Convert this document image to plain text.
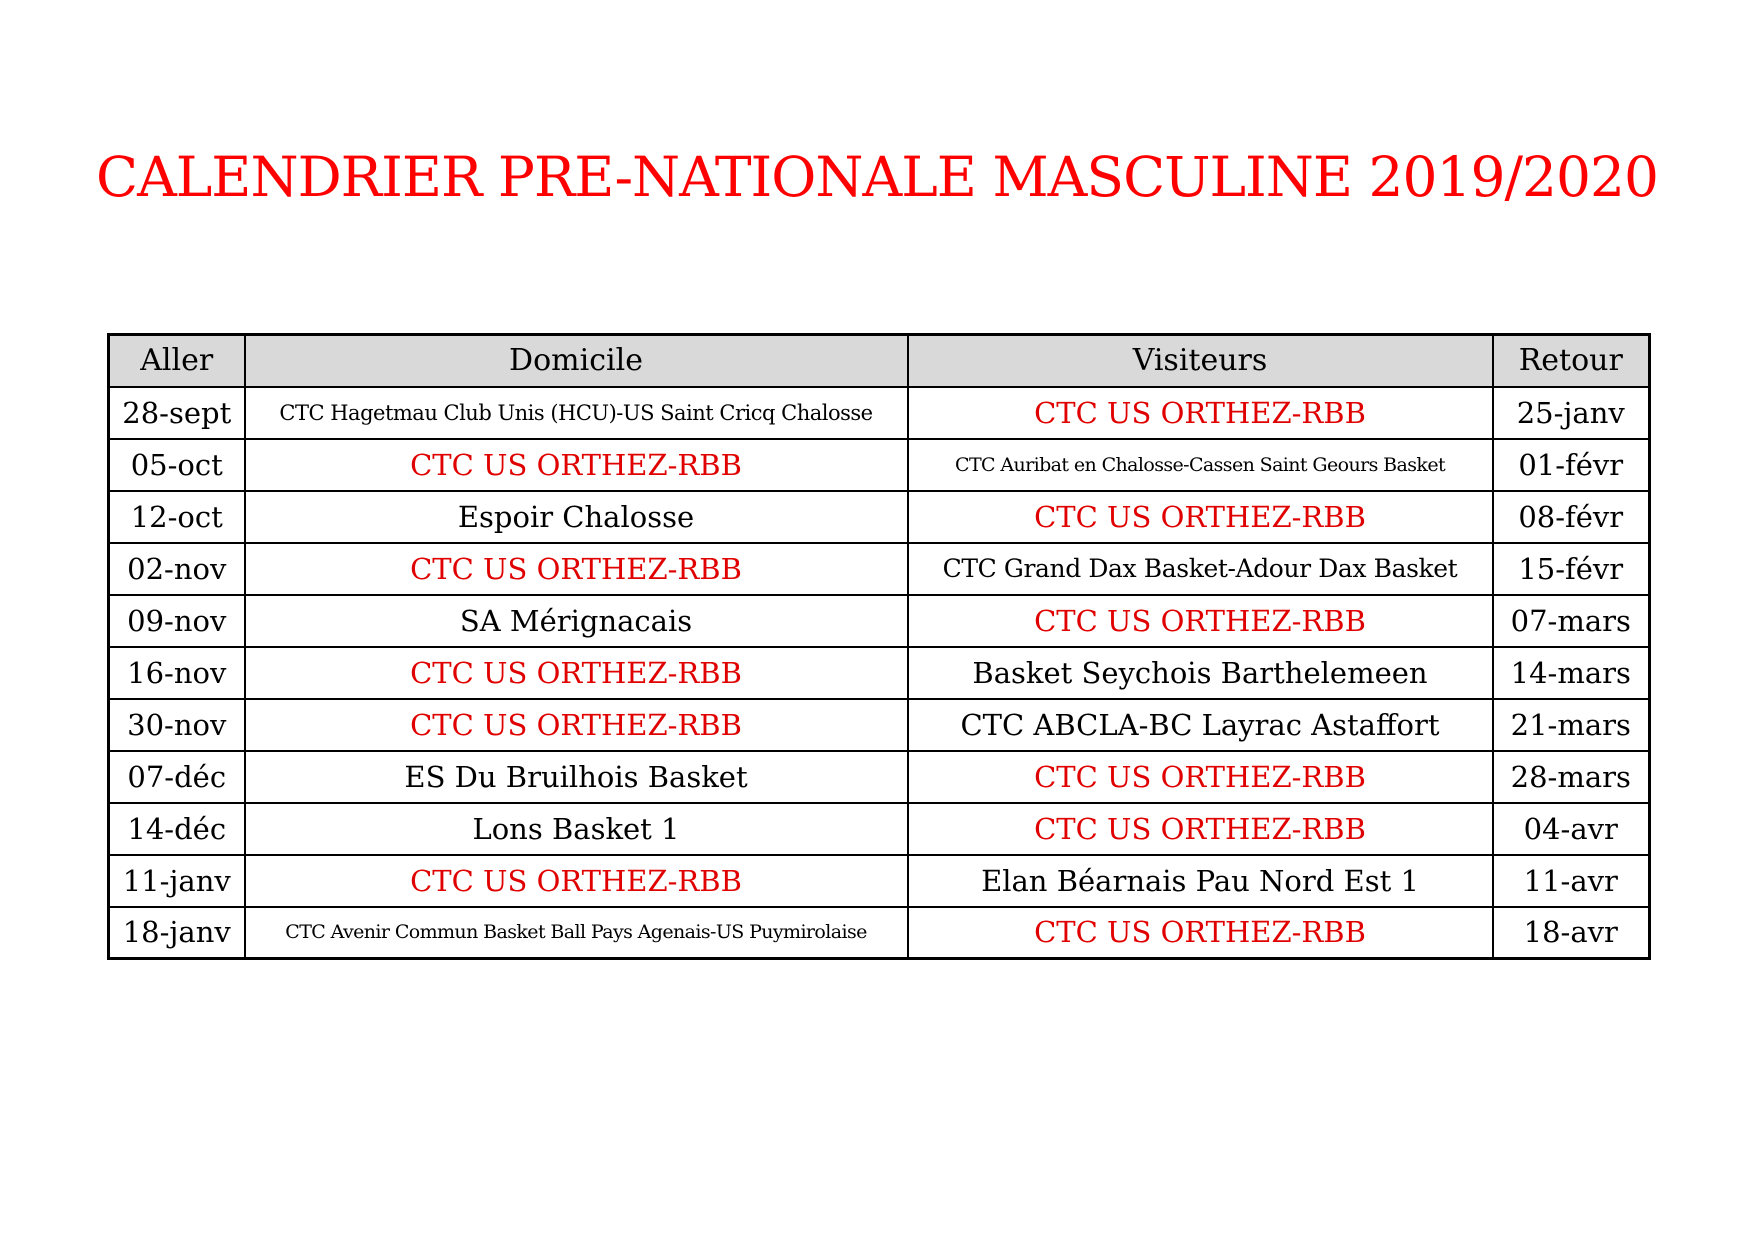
CALENDRIER PRE-NATIONALE MASCULINE 2019/2020
Aller	Domicile	Visiteurs	Retour
28-sept	CTC Hagetmau Club Unis (HCU)-US Saint Cricq Chalosse	CTC US ORTHEZ-RBB	25-janv
05-oct	CTC US ORTHEZ-RBB	CTC Auribat en Chalosse-Cassen Saint Geours Basket	01-févr
12-oct	Espoir Chalosse	CTC US ORTHEZ-RBB	08-févr
02-nov	CTC US ORTHEZ-RBB	CTC Grand Dax Basket-Adour Dax Basket	15-févr
09-nov	SA Mérignacais	CTC US ORTHEZ-RBB	07-mars
16-nov	CTC US ORTHEZ-RBB	Basket Seychois Barthelemeen	14-mars
30-nov	CTC US ORTHEZ-RBB	CTC ABCLA-BC Layrac Astaffort	21-mars
07-déc	ES Du Bruilhois Basket	CTC US ORTHEZ-RBB	28-mars
14-déc	Lons Basket 1	CTC US ORTHEZ-RBB	04-avr
11-janv	CTC US ORTHEZ-RBB	Elan Béarnais Pau Nord Est 1	11-avr
18-janv	CTC Avenir Commun Basket Ball Pays Agenais-US Puymirolaise	CTC US ORTHEZ-RBB	18-avr
